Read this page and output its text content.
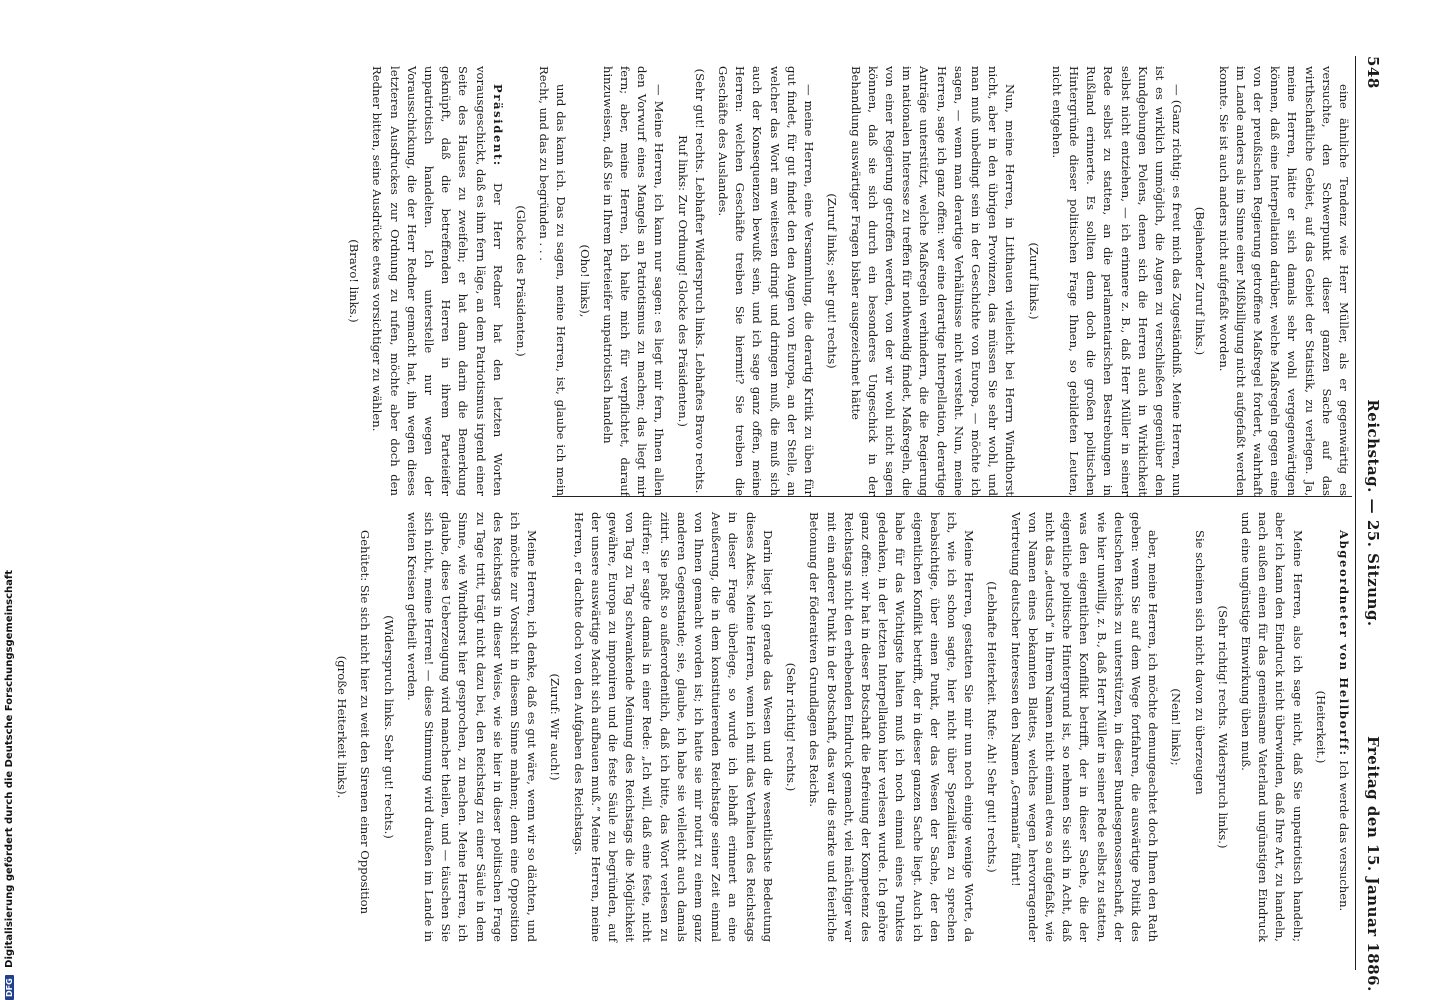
548
Reichstag. — 25. Sitzung.
Freitag den 15. Januar 1886.

eine ähnliche Tendenz wie Herr Müller, als er gegenwärtig es versuchte, den Schwerpunkt dieser ganzen Sache auf das wirthschaftliche Gebiet, auf das Gebiet der Statistik, zu verlegen. Ja, meine Herren, hätte er sich damals sehr wohl vergegenwärtigen können, daß eine Interpellation darüber, welche Maßregeln gegen eine von der preußischen Regierung getroffene Maßregel fordert, wahrhaft im Lande anders als im Sinne einer Mißbilligung nicht aufgefaßt werden konnte. Sie ist auch anders nicht aufgefaßt worden.

(Bejahender Zuruf links.)

— (Ganz richtig: es freut mich das Zugeständniß. Meine Herren, nun ist es wirklich unmöglich, die Augen zu verschließen gegenüber den Kundgebungen Polens, denen sich die Herren auch in Wirklichkeit selbst nicht entziehen, — ich erinnere z. B., daß Herr Müller in seiner Rede selbst zu statten, an die parlamentarischen Bestrebungen in Rußland erinnerte. Es sollten denn doch die großen politischen Hintergründe dieser politischen Frage Ihnen, so gebildeten Leuten, nicht entgehen.

(Zuruf links.)

Nun, meine Herren, in Litthauen vielleicht bei Herrn Windthorst nicht, aber in den übrigen Provinzen, das müssen Sie sehr wohl, und man muß unbedingt sein in der Geschichte von Europa, — möchte ich sagen, — wenn man derartige Verhältnisse nicht versteht. Nun, meine Herren, sage ich ganz offen: wer eine derartige Interpellation, derartige Anträge unterstützt, welche Maßregeln verhindern, die die Regierung im nationalen Interesse zu treffen für nothwendig findet, Maßregeln, die von einer Regierung getroffen werden, von der wir wohl nicht sagen können, daß sie sich durch ein besonderes Ungeschick in der Behandlung auswärtiger Fragen bisher ausgezeichnet hätte

(Zuruf links; sehr gut! rechts)

— meine Herren, eine Versammlung, die derartig Kritik zu üben für gut findet, für gut findet den den Augen von Europa, an der Stelle, an welcher das Wort am weitesten dringt und dringen muß, die muß sich auch der Konsequenzen bewußt sein, und ich sage ganz offen, meine Herren: welchen Geschäfte treiben Sie hiermit? Sie treiben die Geschäfte des Auslandes.

(Sehr gut! rechts. Lebhafter Widerspruch links. Lebhaftes Bravo rechts. Ruf links: Zur Ordnung! Glocke des Präsidenten.)

— Meine Herren, ich kann nur sagen: es liegt mir fern, Ihnen allen den Vorwurf eines Mangels an Patriotismus zu machen; das liegt mir fern; aber, meine Herren, ich halte mich für verpflichtet, darauf hinzuweisen, daß Sie in Ihrem Parteieifer unpatriotisch handeln

(Oho! links),

und das kann ich. Das zu sagen, meine Herren, ist, glaube ich mein Recht, und das zu begründen . . .

(Glocke des Präsidenten.)

Präsident: Der Herr Redner hat den letzten Worten vorausgeschickt, daß es ihm fern läge, an dem Patriotismus irgend einer Seite des Hauses zu zweifeln; er hat dann darin die Bemerkung geknüpft, daß die betreffenden Herren in ihrem Parteieifer unpatriotisch handelten. Ich unterstelle nur wegen der Vorausschickung, die der Herr Redner gemacht hat, ihn wegen dieses letzteren Ausdruckes zur Ordnung zu rufen, möchte aber doch den Redner bitten, seine Ausdrücke etwas vorsichtiger zu wählen.

(Bravo! links.)

Abgeordneter von Hellborff: Ich werde das versuchen.

(Heiterkeit.)

Meine Herren, also ich sage nicht, daß Sie unpatriotisch handeln; aber ich kann den Eindruck nicht überwinden, daß Ihre Art, zu handeln, nach außen einen für das gemeinsame Vaterland ungünstigen Eindruck und eine ungünstige Einwirkung üben muß.

(Sehr richtig! rechts. Widerspruch links.)

Sie scheinen sich nicht davon zu überzeugen

(Nein! links);

aber, meine Herren, ich möchte demungeachtet doch Ihnen den Rath geben: wenn Sie auf dem Wege fortfahren, die auswärtige Politik des deutschen Reichs zu unterstützen, in dieser Bundesgenossenschaft, der wie hier unwillig, z. B., daß Herr Müller in seiner Rede selbst zu statten, was den eigentlichen Konflikt betrifft, der in dieser Sache, die der eigentliche politische Hintergrund ist, so nehmen Sie sich in Acht, daß nicht das „deutsch“ in Ihrem Namen nicht einmal etwa so aufgefaßt, wie von Namen eines bekannten Blattes, welches wegen hervorragender Vertretung deutscher Interessen den Namen „Germania“ führt!

(Lebhafte Heiterkeit. Rufe: Ah! Sehr gut! rechts.)

Meine Herren, gestatten Sie mir nun noch einige wenige Worte, da ich, wie ich schon sagte, hier nicht über Spezialitäten zu sprechen beabsichtige, über einen Punkt, der das Wesen der Sache, der den eigentlichen Konflikt betrifft, der in dieser ganzen Sache liegt. Auch ich habe für das Wichtigste halten muß ich noch einmal eines Punktes gedenken, in der letzten Interpellation hier verlesen wurde. Ich gehöre ganz offen: wir hat in dieser Botschaft die Befreiung der Kompetenz des Reichstags nicht den erhebenden Eindruck gemacht, viel mächtiger war mit ein anderer Punkt in der Botschaft, das war die starke und feierliche Betonung der föderativen Grundlagen des Reichs.

(Sehr richtig! rechts.)

Darin liegt ich gerade das Wesen und die wesentlichste Bedeutung dieses Aktes. Meine Herren, wenn ich mit das Verhalten des Reichstags in dieser Frage überlege, so wurde ich lebhaft erinnert an eine Aeußerung, die in dem konstituierenden Reichstage seiner Zeit einmal von Ihnen gemacht worden ist; ich hatte sie mir notirt zu einem ganz anderen Gegenstande; sie, glaube, ich habe sie vielleicht auch damals zitirt. Sie paßt so außerordentlich, daß ich bitte, das Wort verlesen zu dürfen; er sagte damals in einer Rede: „Ich will, daß eine feste, nicht von Tag zu Tag schwankende Meinung des Reichstags die Möglichkeit gewähre, Europa zu imponiren und die feste Säule zu begründen, auf der unsere auswärtige Macht sich aufbauen muß.“ Meine Herren, meine Herren, er dachte doch von den Aufgaben des Reichstags.

(Zuruf: Wir auch!)

Meine Herren, ich denke, daß es gut wäre, wenn wir so dächten, und ich möchte zur Vorsicht in diesem Sinne mahnen; denn eine Opposition des Reichstags in dieser Weise, wie sie hier in dieser politischen Frage zu Tage tritt, trägt nicht dazu bei, den Reichstag zu einer Säule in dem Sinne, wie Windthorst hier gesprochen, zu machen. Meine Herren, ich glaube, diese Ueberzeugung wird mancher theilen, und — täuschen Sie sich nicht, meine Herren! — diese Stimmung wird draußen im Lande in weiten Kreisen getheilt werden.

(Widerspruch links. Sehr gut! rechts.)

Gehütet: Sie sich nicht hier zu weit den Sirenen einer Opposition

(große Heiterkeit links).

DFG Digitalisierung gefördert durch die Deutsche Forschungsgemeinschaft
